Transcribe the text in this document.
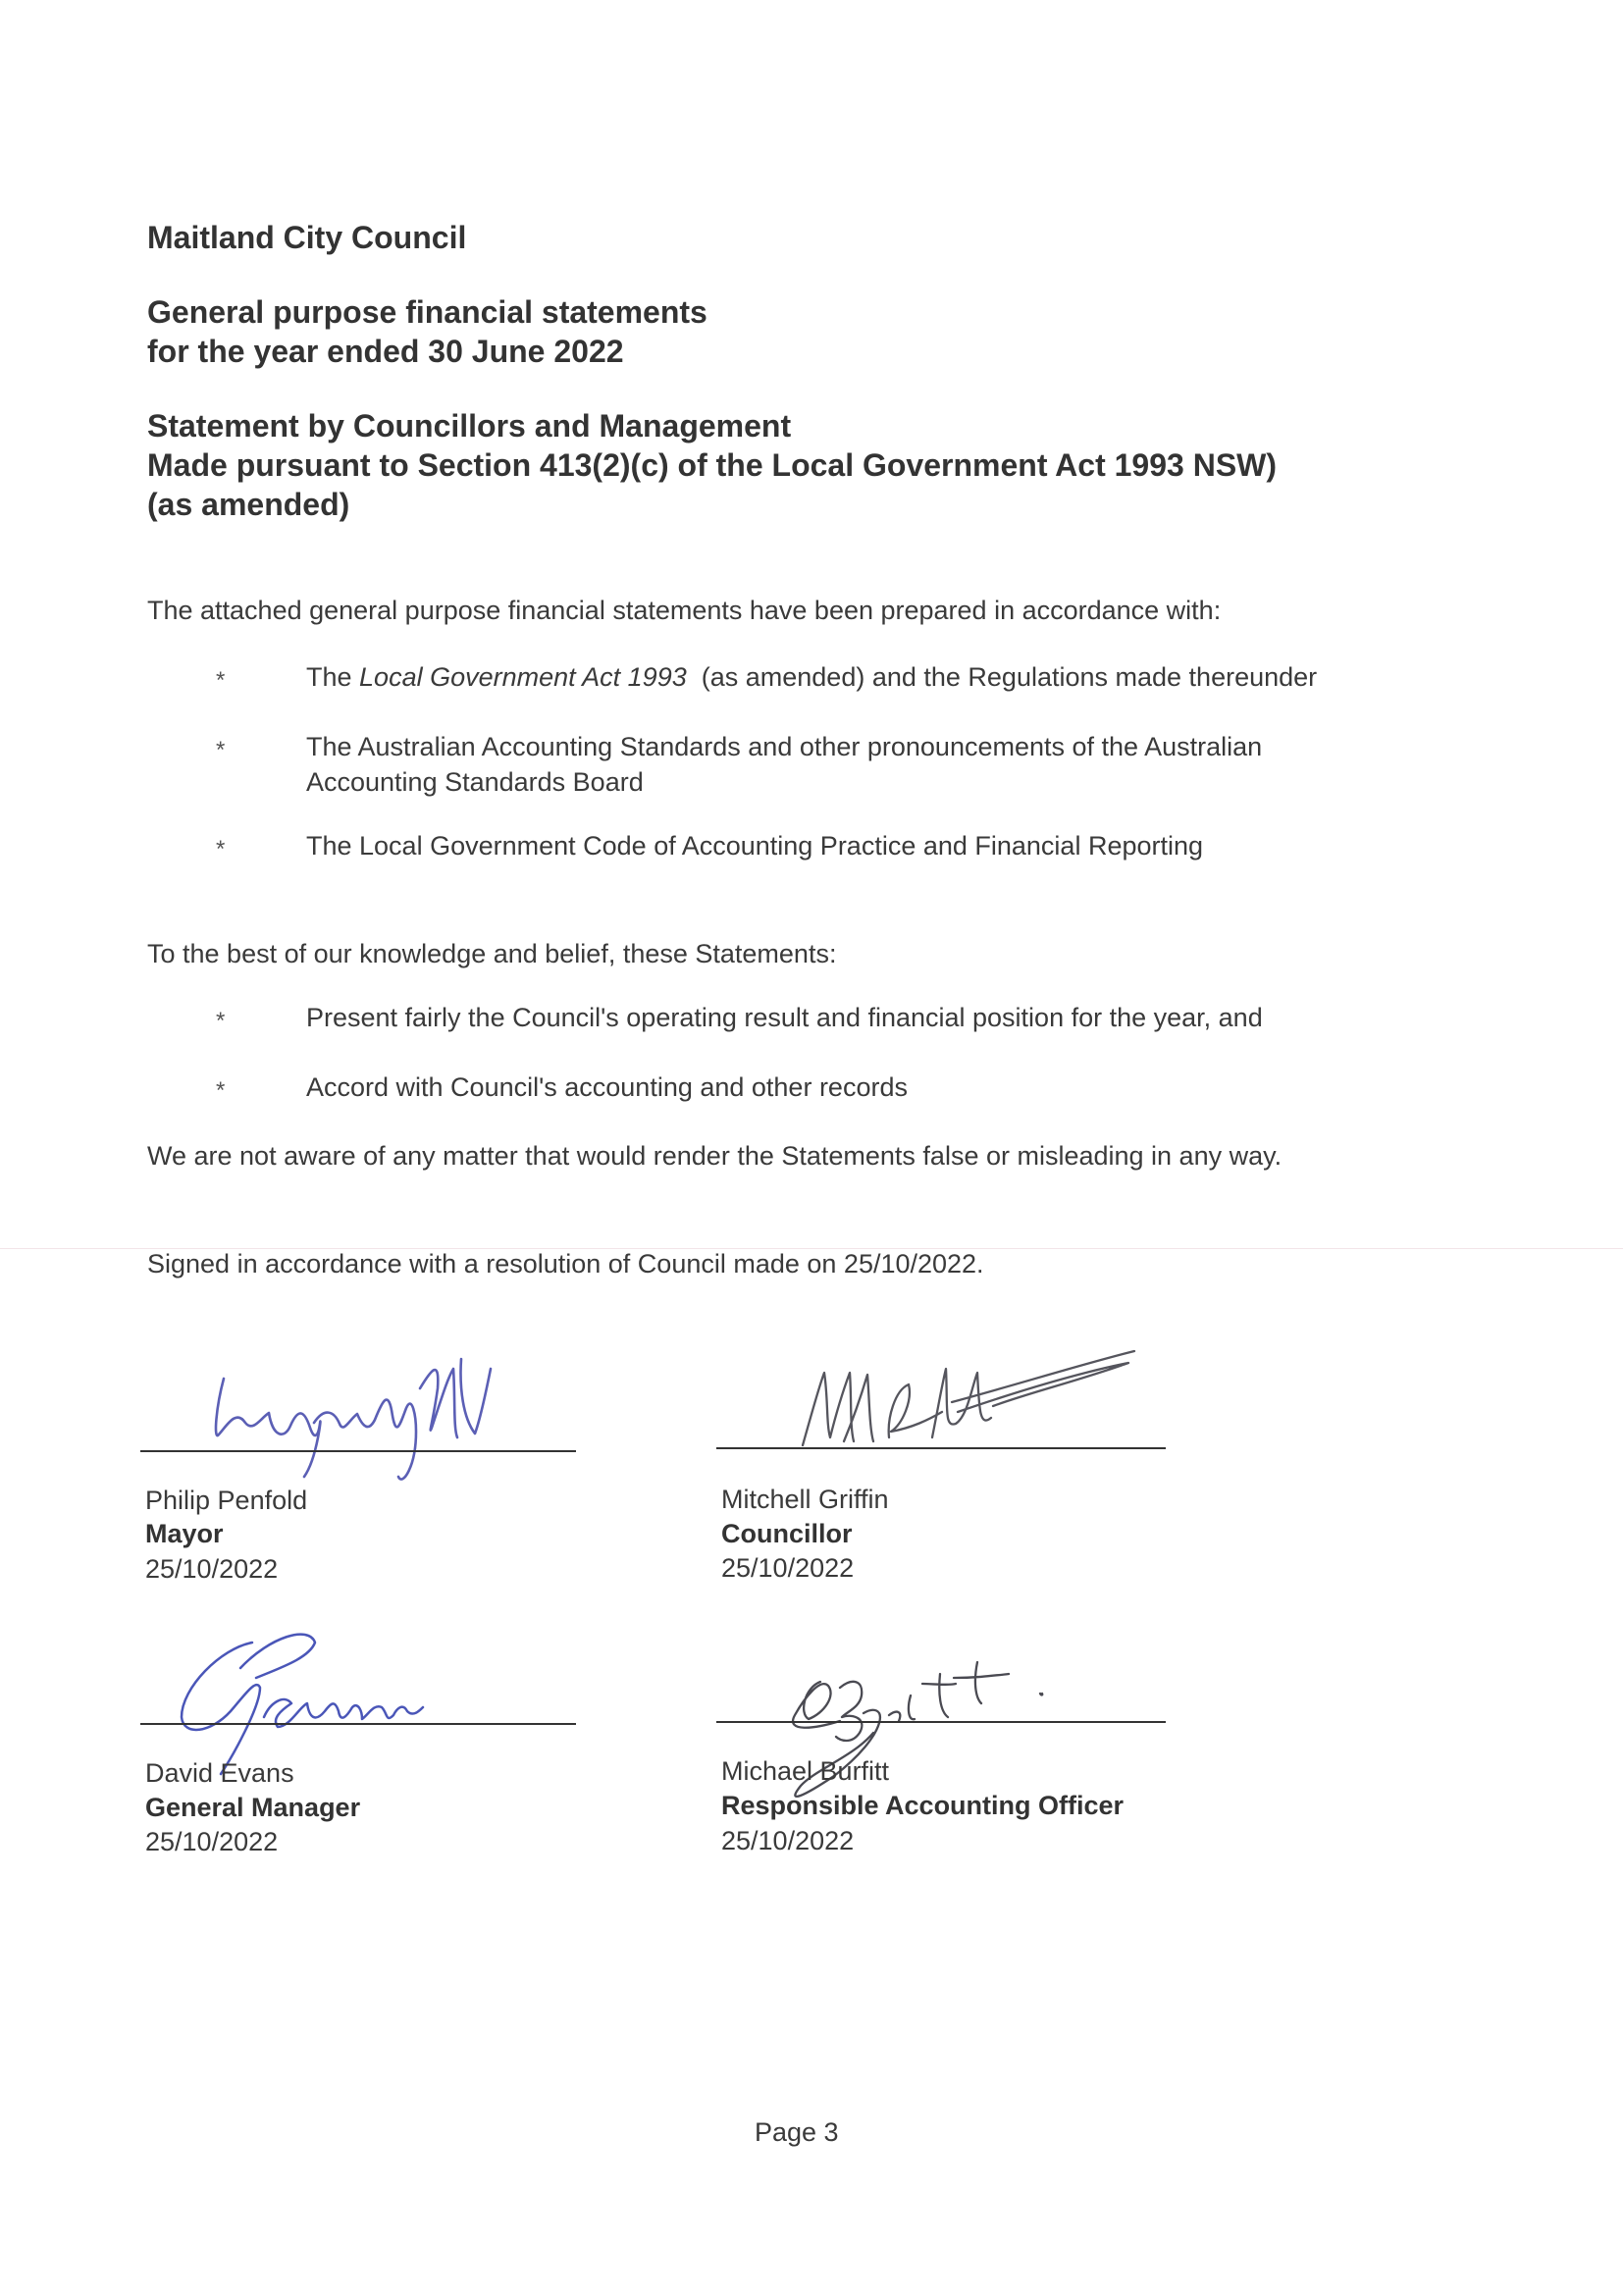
Maitland City Council
General purpose financial statements
for the year ended 30 June 2022
Statement by Councillors and Management
Made pursuant to Section 413(2)(c) of the Local Government Act 1993 NSW)
(as amended)
The attached general purpose financial statements have been prepared in accordance with:
*	The Local Government Act 1993  (as amended) and the Regulations made thereunder
*	The Australian Accounting Standards and other pronouncements of the Australian Accounting Standards Board
*	The Local Government Code of Accounting Practice and Financial Reporting
To the best of our knowledge and belief, these Statements:
*	Present fairly the Council's operating result and financial position for the year, and
*	Accord with Council's accounting and other records
We are not aware of any matter that would render the Statements false or misleading in any way.
Signed in accordance with a resolution of Council made on 25/10/2022.
Philip Penfold
Mayor
25/10/2022
Mitchell Griffin
Councillor
25/10/2022
David Evans
General Manager
25/10/2022
Michael Burfitt
Responsible Accounting Officer
25/10/2022
Page 3
